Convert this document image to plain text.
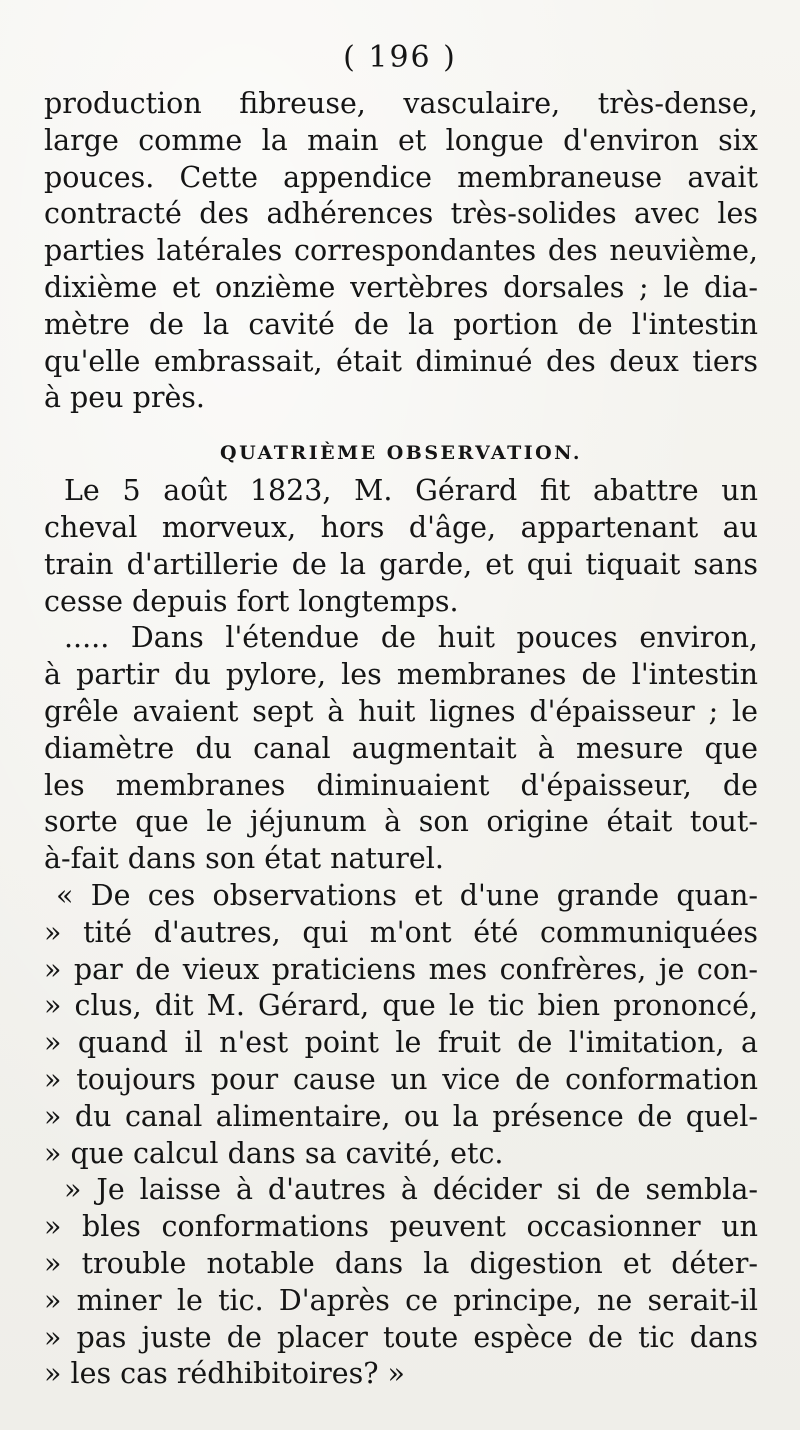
( 196 )
production fibreuse, vasculaire, très-dense,
large comme la main et longue d'environ six
pouces. Cette appendice membraneuse avait
contracté des adhérences très-solides avec les
parties latérales correspondantes des neuvième,
dixième et onzième vertèbres dorsales ; le dia-
mètre de la cavité de la portion de l'intestin
qu'elle embrassait, était diminué des deux tiers
à peu près.
QUATRIÈME OBSERVATION.
Le 5 août 1823, M. Gérard fit abattre un
cheval morveux, hors d'âge, appartenant au
train d'artillerie de la garde, et qui tiquait sans
cesse depuis fort longtemps.
..... Dans l'étendue de huit pouces environ,
à partir du pylore, les membranes de l'intestin
grêle avaient sept à huit lignes d'épaisseur ; le
diamètre du canal augmentait à mesure que
les membranes diminuaient d'épaisseur, de
sorte que le jéjunum à son origine était tout-
à-fait dans son état naturel.
« De ces observations et d'une grande quan-
» tité d'autres, qui m'ont été communiquées
» par de vieux praticiens mes confrères, je con-
» clus, dit M. Gérard, que le tic bien prononcé,
» quand il n'est point le fruit de l'imitation, a
» toujours pour cause un vice de conformation
» du canal alimentaire, ou la présence de quel-
» que calcul dans sa cavité, etc.
» Je laisse à d'autres à décider si de sembla-
» bles conformations peuvent occasionner un
» trouble notable dans la digestion et déter-
» miner le tic. D'après ce principe, ne serait-il
» pas juste de placer toute espèce de tic dans
» les cas rédhibitoires? »
